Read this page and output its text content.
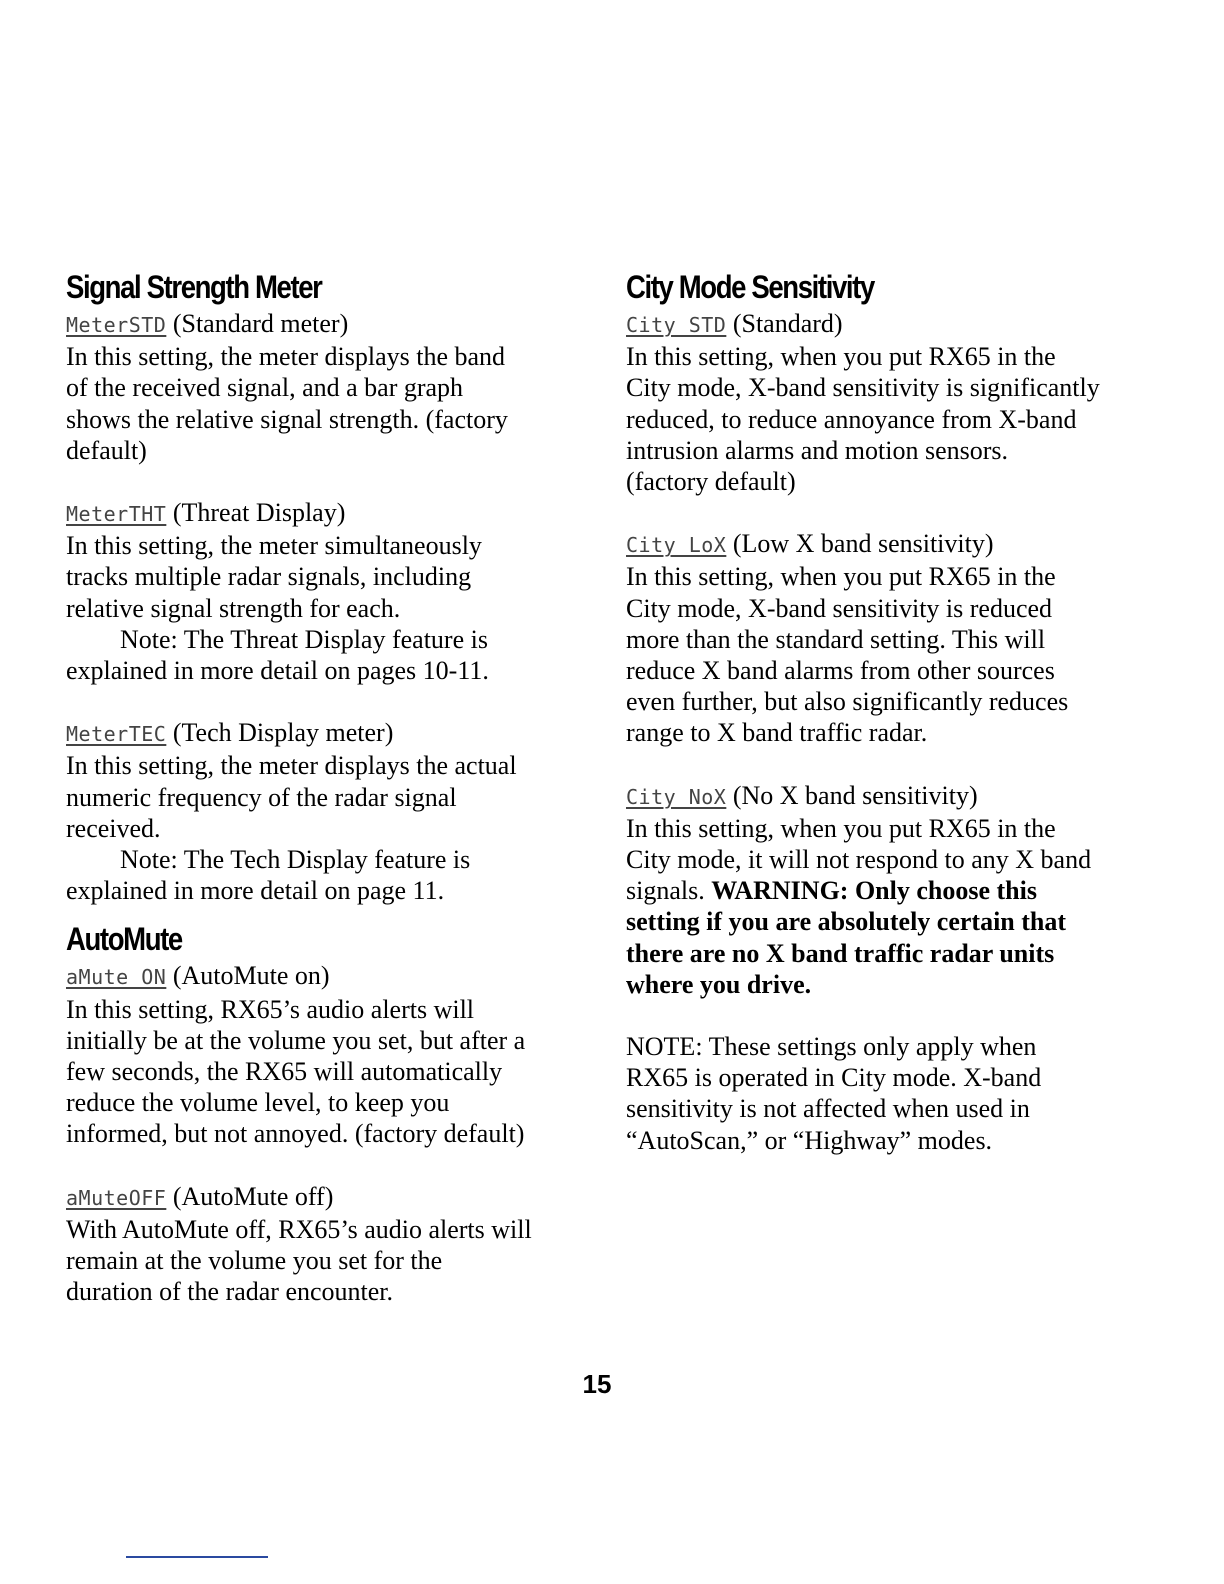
Signal Strength Meter

MeterSTD (Standard meter)

In this setting, the meter displays the band

of the received signal, and a bar graph

shows the relative signal strength. (factory

default)

MeterTHT (Threat Display)

In this setting, the meter simultaneously

tracks multiple radar signals, including

relative signal strength for each.

Note: The Threat Display feature is

explained in more detail on pages 10-11.

MeterTEC (Tech Display meter)

In this setting, the meter displays the actual

numeric frequency of the radar signal

received.

Note: The Tech Display feature is

explained in more detail on page 11.

AutoMute

aMute ON (AutoMute on)

In this setting, RX65’s audio alerts will

initially be at the volume you set, but after a

few seconds, the RX65 will automatically

reduce the volume level, to keep you

informed, but not annoyed. (factory default)

aMuteOFF (AutoMute off)

With AutoMute off, RX65’s audio alerts will

remain at the volume you set for the

duration of the radar encounter.

City Mode Sensitivity

City STD (Standard)

In this setting, when you put RX65 in the

City mode, X-band sensitivity is significantly

reduced, to reduce annoyance from X-band

intrusion alarms and motion sensors.

(factory default)

City LoX (Low X band sensitivity)

In this setting, when you put RX65 in the

City mode, X-band sensitivity is reduced

more than the standard setting. This will

reduce X band alarms from other sources

even further, but also significantly reduces

range to X band traffic radar.

City NoX (No X band sensitivity)

In this setting, when you put RX65 in the

City mode, it will not respond to any X band

signals. WARNING: Only choose this

setting if you are absolutely certain that

there are no X band traffic radar units

where you drive.

NOTE: These settings only apply when

RX65 is operated in City mode. X-band

sensitivity is not affected when used in

“AutoScan,” or “Highway” modes.

15
